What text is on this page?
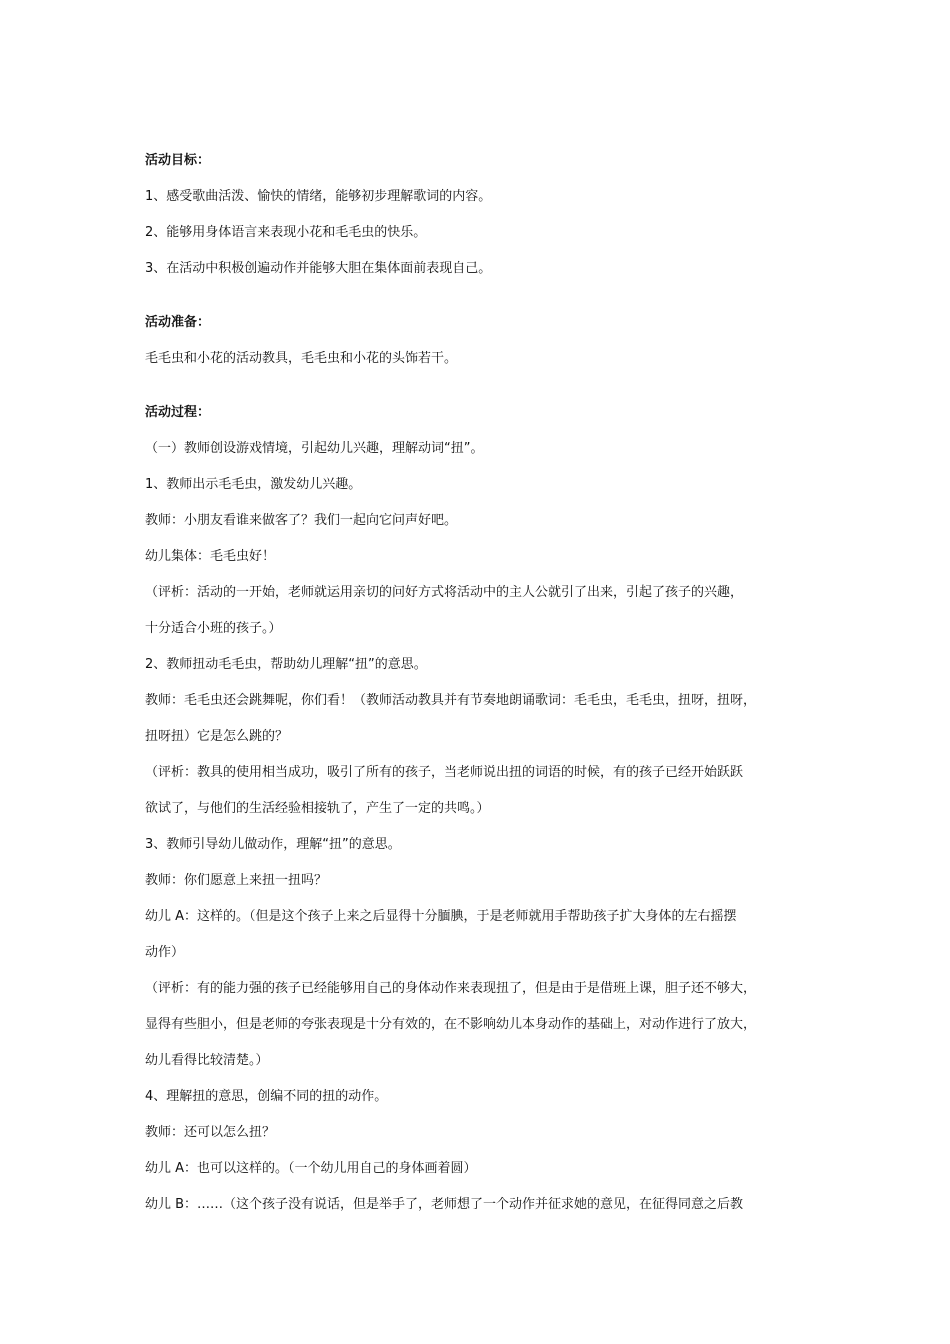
活动目标：
1、感受歌曲活泼、愉快的情绪，能够初步理解歌词的内容。
2、能够用身体语言来表现小花和毛毛虫的快乐。
3、在活动中积极创遍动作并能够大胆在集体面前表现自己。
活动准备：
毛毛虫和小花的活动教具，毛毛虫和小花的头饰若干。
活动过程：
（一）教师创设游戏情境，引起幼儿兴趣，理解动词“扭”。
1、教师出示毛毛虫，激发幼儿兴趣。
教师：小朋友看谁来做客了？我们一起向它问声好吧。
幼儿集体：毛毛虫好！
（评析：活动的一开始，老师就运用亲切的问好方式将活动中的主人公就引了出来，引起了孩子的兴趣，
十分适合小班的孩子。）
2、教师扭动毛毛虫，帮助幼儿理解“扭”的意思。
教师：毛毛虫还会跳舞呢，你们看！（教师活动教具并有节奏地朗诵歌词：毛毛虫，毛毛虫，扭呀，扭呀，
扭呀扭）它是怎么跳的？
（评析：教具的使用相当成功，吸引了所有的孩子，当老师说出扭的词语的时候，有的孩子已经开始跃跃
欲试了，与他们的生活经验相接轨了，产生了一定的共鸣。）
3、教师引导幼儿做动作，理解“扭”的意思。
教师：你们愿意上来扭一扭吗？
幼儿 A：这样的。（但是这个孩子上来之后显得十分腼腆，于是老师就用手帮助孩子扩大身体的左右摇摆
动作）
（评析：有的能力强的孩子已经能够用自己的身体动作来表现扭了，但是由于是借班上课，胆子还不够大，
显得有些胆小，但是老师的夸张表现是十分有效的，在不影响幼儿本身动作的基础上，对动作进行了放大，
幼儿看得比较清楚。）
4、理解扭的意思，创编不同的扭的动作。
教师：还可以怎么扭？
幼儿 A：也可以这样的。（一个幼儿用自己的身体画着圆）
幼儿 B：……（这个孩子没有说话，但是举手了，老师想了一个动作并征求她的意见，在征得同意之后教
